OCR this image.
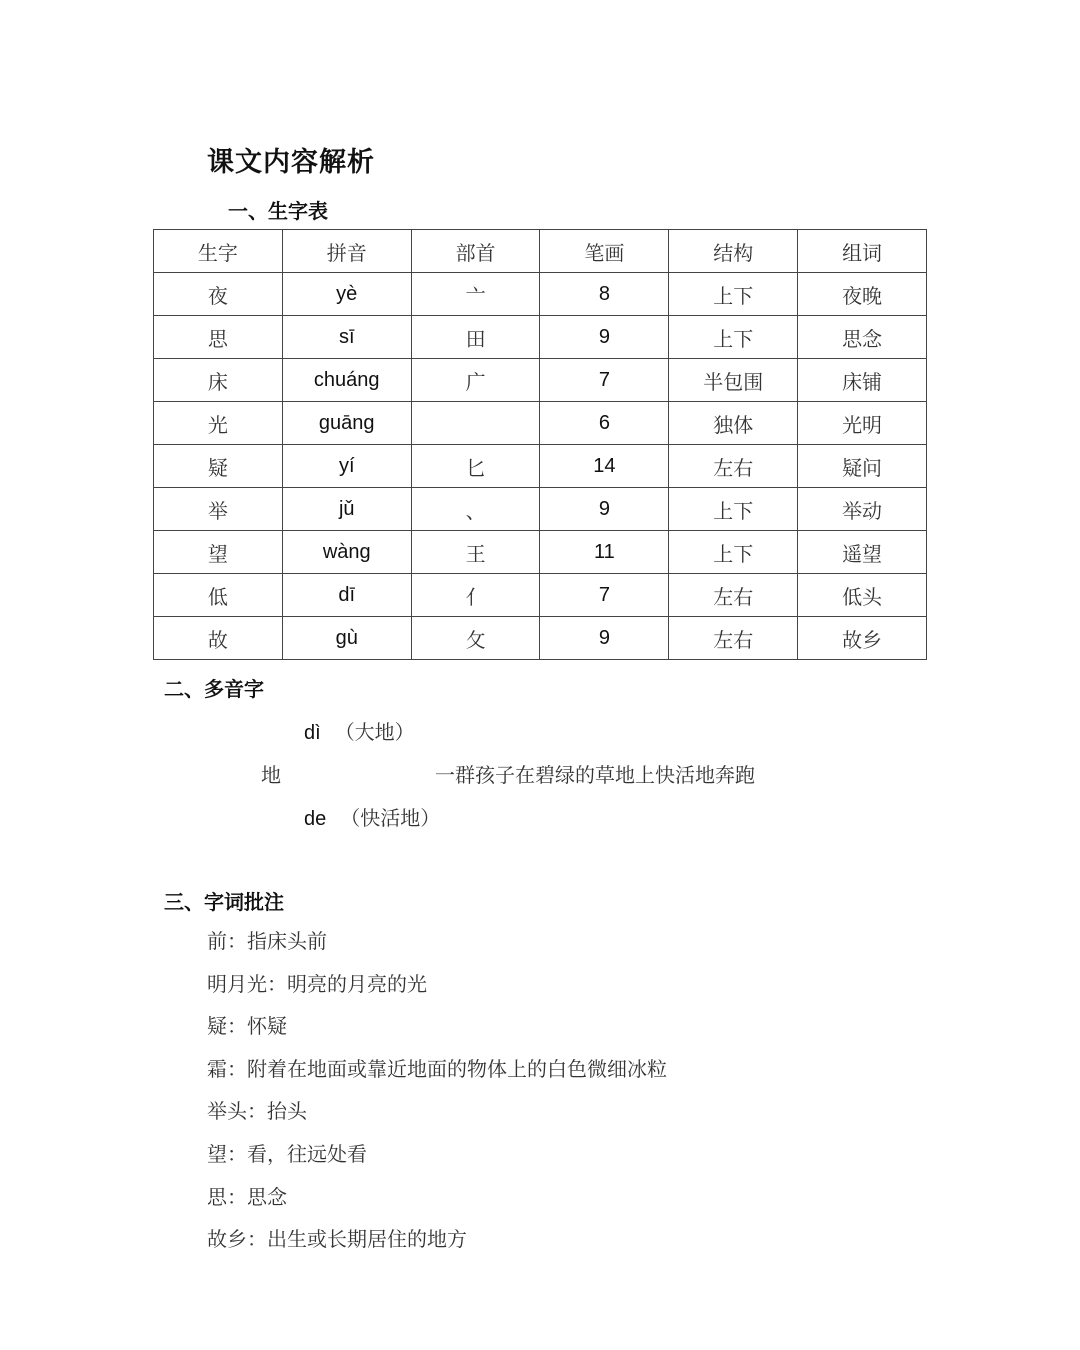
课文内容解析
一、生字表
生字	拼音	部首	笔画	结构	组词
夜	yè	亠	8	上下	夜晚
思	sī	田	9	上下	思念
床	chuáng	广	7	半包围	床铺
光	guāng		6	独体	光明
疑	yí	匕	14	左右	疑问
举	jǔ	、	9	上下	举动
望	wàng	王	11	上下	遥望
低	dī	亻	7	左右	低头
故	gù	攵	9	左右	故乡
二、多音字
dì （大地）
地	一群孩子在碧绿的草地上快活地奔跑
de （快活地）
三、字词批注
前：指床头前
明月光：明亮的月亮的光
疑：怀疑
霜：附着在地面或靠近地面的物体上的白色微细冰粒
举头：抬头
望：看，往远处看
思：思念
故乡：出生或长期居住的地方
